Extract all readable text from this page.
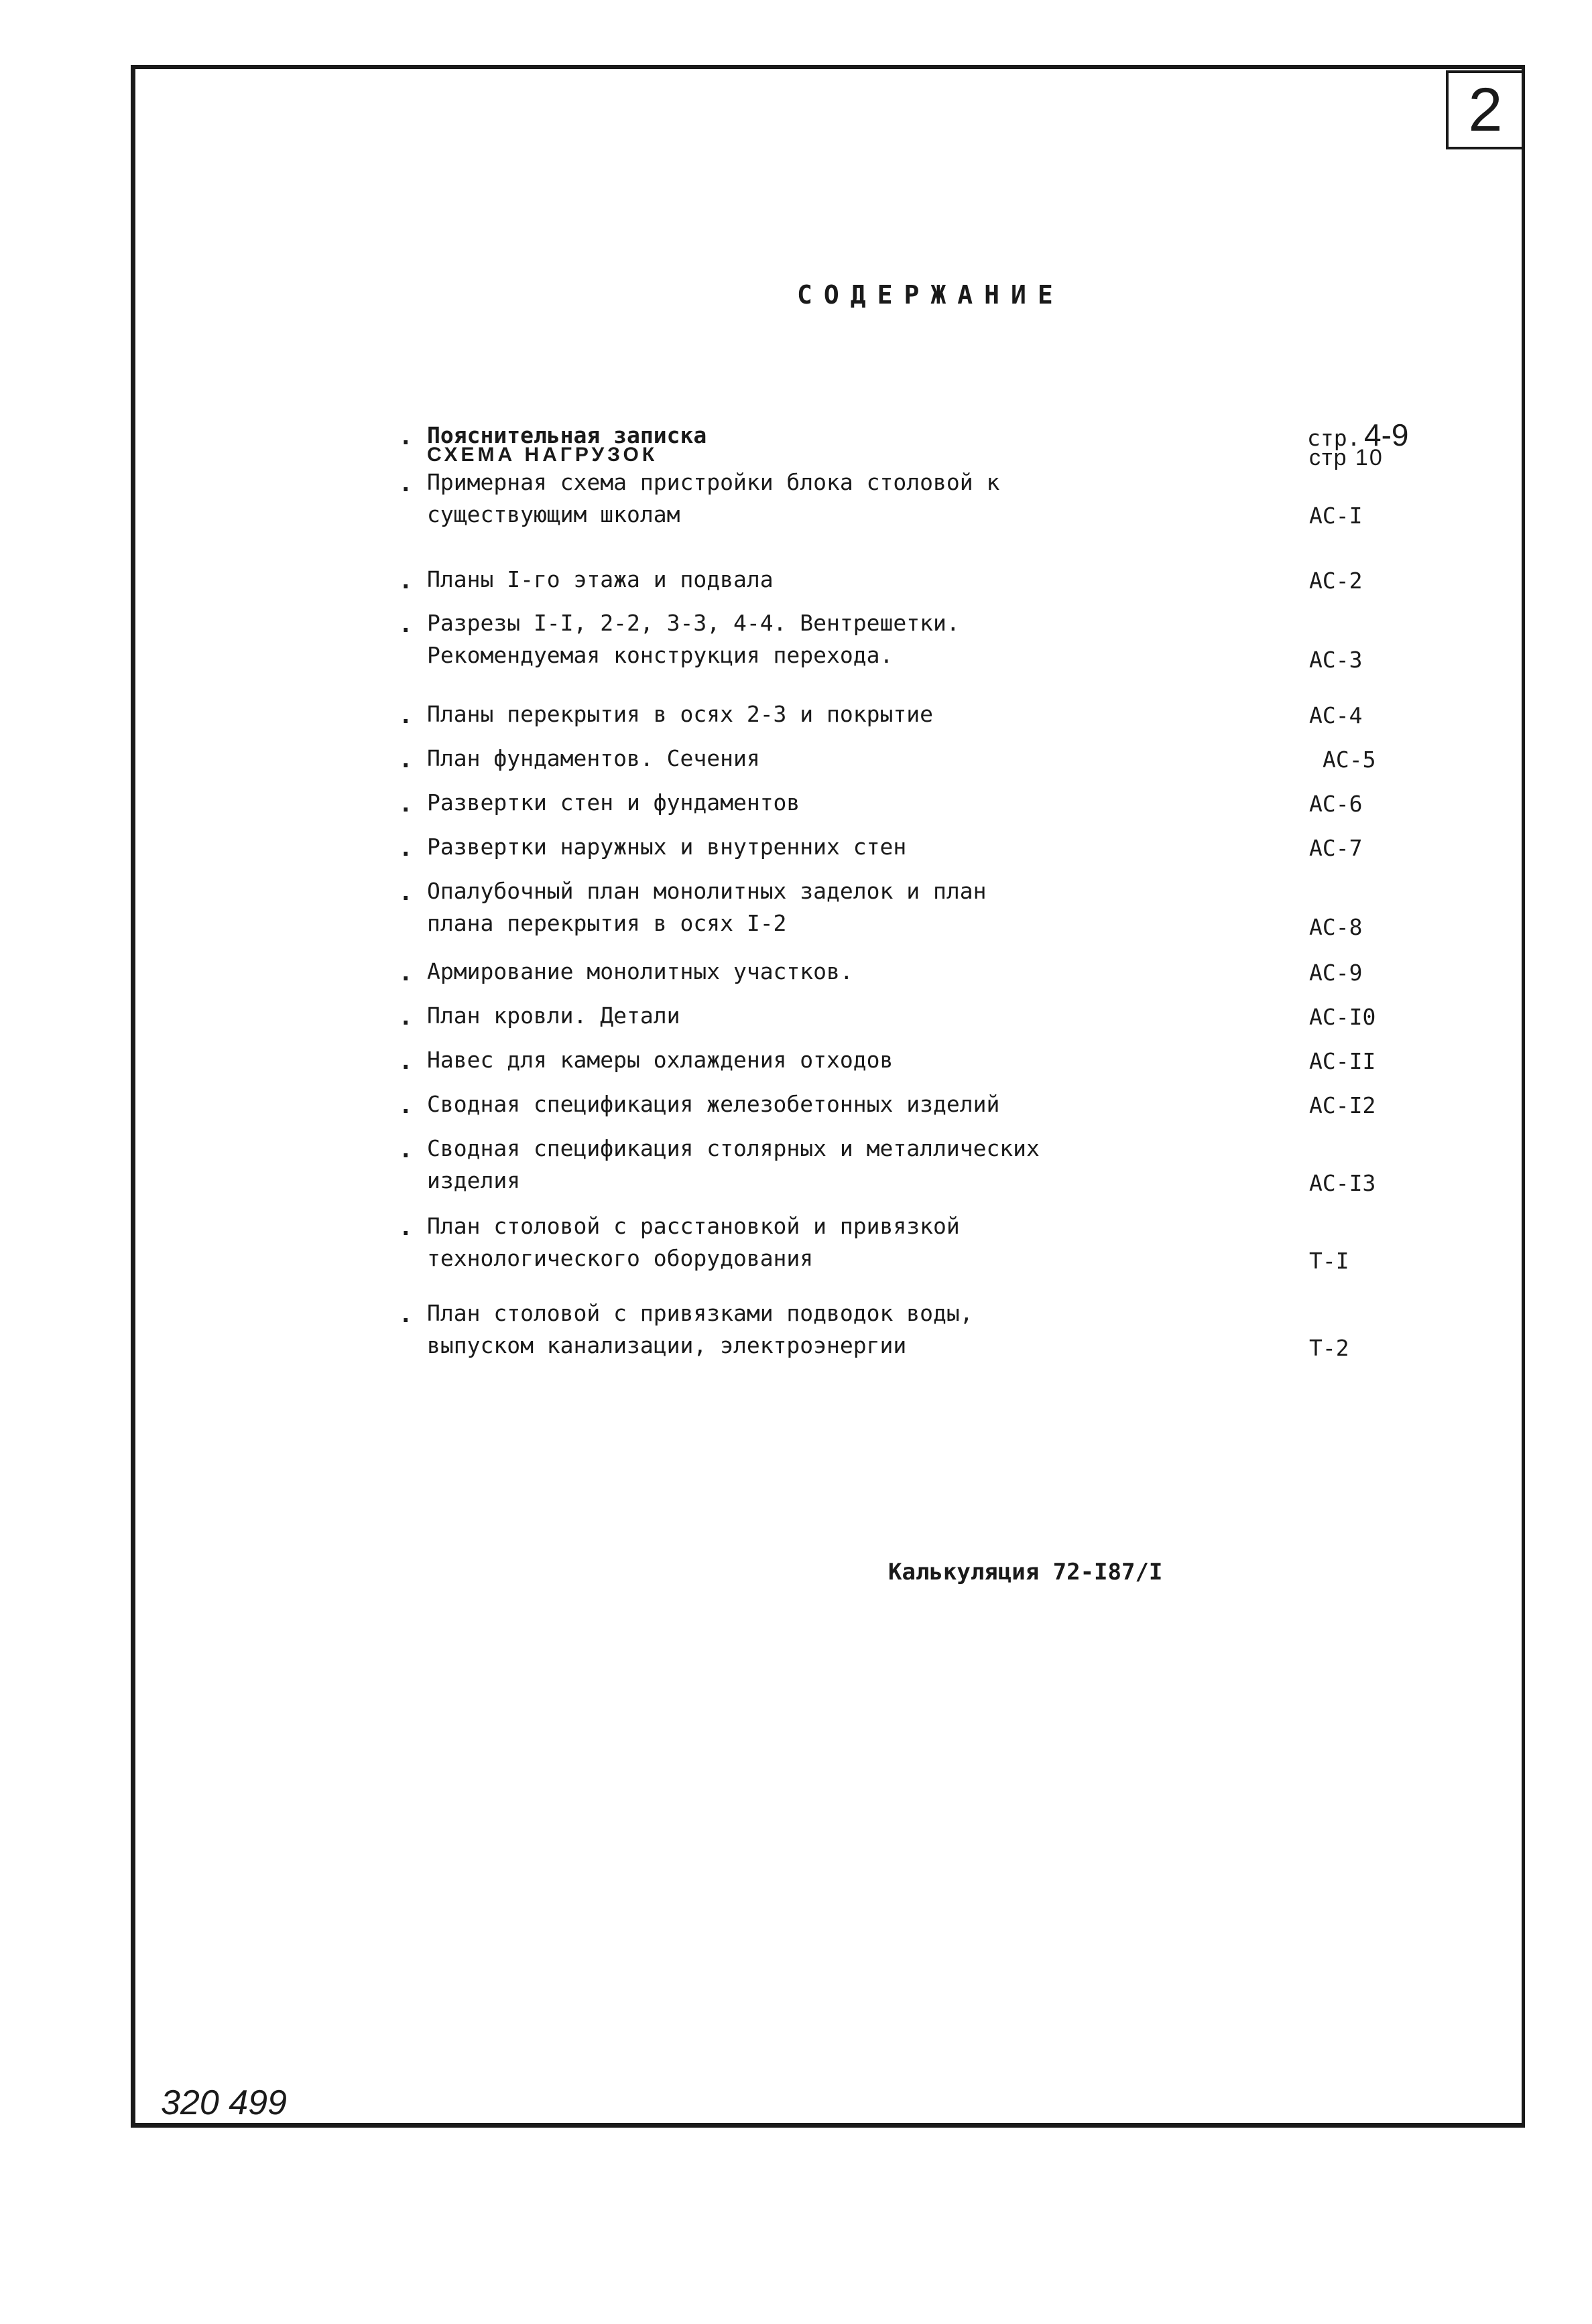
2
СОДЕРЖАНИЕ
. Пояснительная записка	стр. 4-9
СХЕМА НАГРУЗОК	стр 10
. Примерная схема пристройки блока столовой к
существующим школам	АС-I
. Планы I-го этажа и подвала	АС-2
. Разрезы I-I, 2-2, 3-3, 4-4. Вентрешетки.
Рекомендуемая конструкция перехода.	АС-3
. Планы перекрытия в осях 2-3 и покрытие	АС-4
. План фундаментов. Сечения	АС-5
. Развертки стен и фундаментов	АС-6
. Развертки наружных и внутренних стен	АС-7
. Опалубочный план монолитных заделок и план
плана перекрытия в осях I-2	АС-8
. Армирование монолитных участков.	АС-9
. План кровли. Детали	АС-I0
. Навес для камеры охлаждения отходов	АС-II
. Сводная спецификация железобетонных изделий	АС-I2
. Сводная спецификация столярных и металлических
изделия	АС-I3
. План столовой с расстановкой и привязкой
технологического оборудования	Т-I
. План столовой с привязками подводок воды,
выпуском канализации, электроэнергии	Т-2
Калькуляция 72-I87/I
320 499
